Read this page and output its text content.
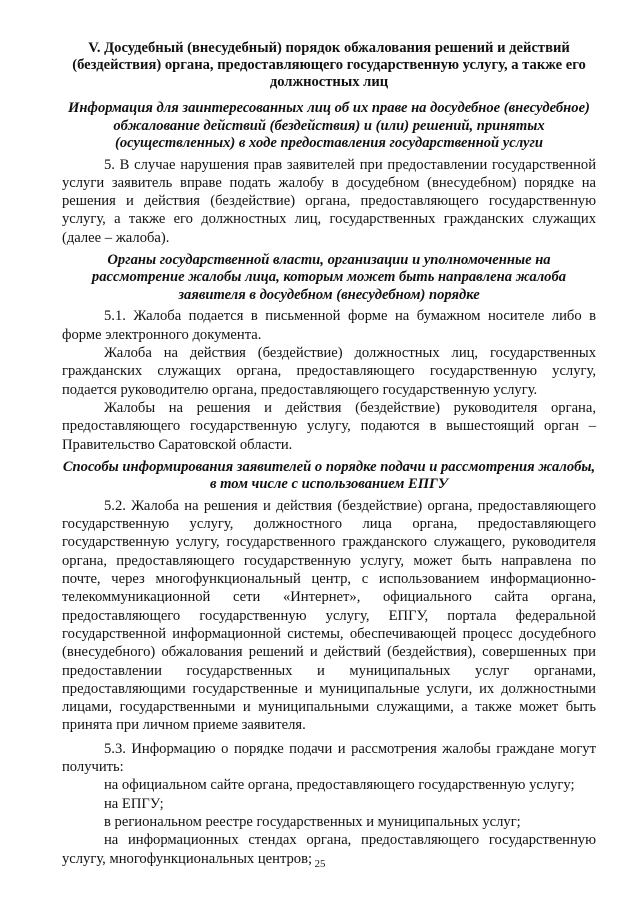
V. Досудебный (внесудебный) порядок обжалования решений и действий (бездействия) органа, предоставляющего государственную услугу, а также его должностных лиц
Информация для заинтересованных лиц об их праве на досудебное (внесудебное) обжалование действий (бездействия) и (или) решений, принятых (осуществленных) в ходе предоставления государственной услуги

5. В случае нарушения прав заявителей при предоставлении государственной услуги заявитель вправе подать жалобу в досудебном (внесудебном) порядке на решения и действия (бездействие) органа, предоставляющего государственную услугу, а также его должностных лиц, государственных гражданских служащих (далее – жалоба).

Органы государственной власти, организации и уполномоченные на рассмотрение жалобы лица, которым может быть направлена жалоба заявителя в досудебном (внесудебном) порядке

5.1. Жалоба подается в письменной форме на бумажном носителе либо в форме электронного документа.

Жалоба на действия (бездействие) должностных лиц, государственных гражданских служащих органа, предоставляющего государственную услугу, подается руководителю органа, предоставляющего государственную услугу.

Жалобы на решения и действия (бездействие) руководителя органа, предоставляющего государственную услугу, подаются в вышестоящий орган – Правительство Саратовской области.

Способы информирования заявителей о порядке подачи и рассмотрения жалобы, в том числе с использованием ЕПГУ

5.2. Жалоба на решения и действия (бездействие) органа, предоставляющего государственную услугу, должностного лица органа, предоставляющего государственную услугу, государственного гражданского служащего, руководителя органа, предоставляющего государственную услугу, может быть направлена по почте, через многофункциональный центр, с использованием информационно-телекоммуникационной сети «Интернет», официального сайта органа, предоставляющего государственную услугу, ЕПГУ, портала федеральной государственной информационной системы, обеспечивающей процесс досудебного (внесудебного) обжалования решений и действий (бездействия), совершенных при предоставлении государственных и муниципальных услуг органами, предоставляющими государственные и муниципальные услуги, их должностными лицами, государственными и муниципальными служащими, а также может быть принята при личном приеме заявителя.

5.3. Информацию о порядке подачи и рассмотрения жалобы граждане могут получить:

на официальном сайте органа, предоставляющего государственную услугу;

на ЕПГУ;

в региональном реестре государственных и муниципальных услуг;

на информационных стендах органа, предоставляющего государственную услугу, многофункциональных центров; 25
